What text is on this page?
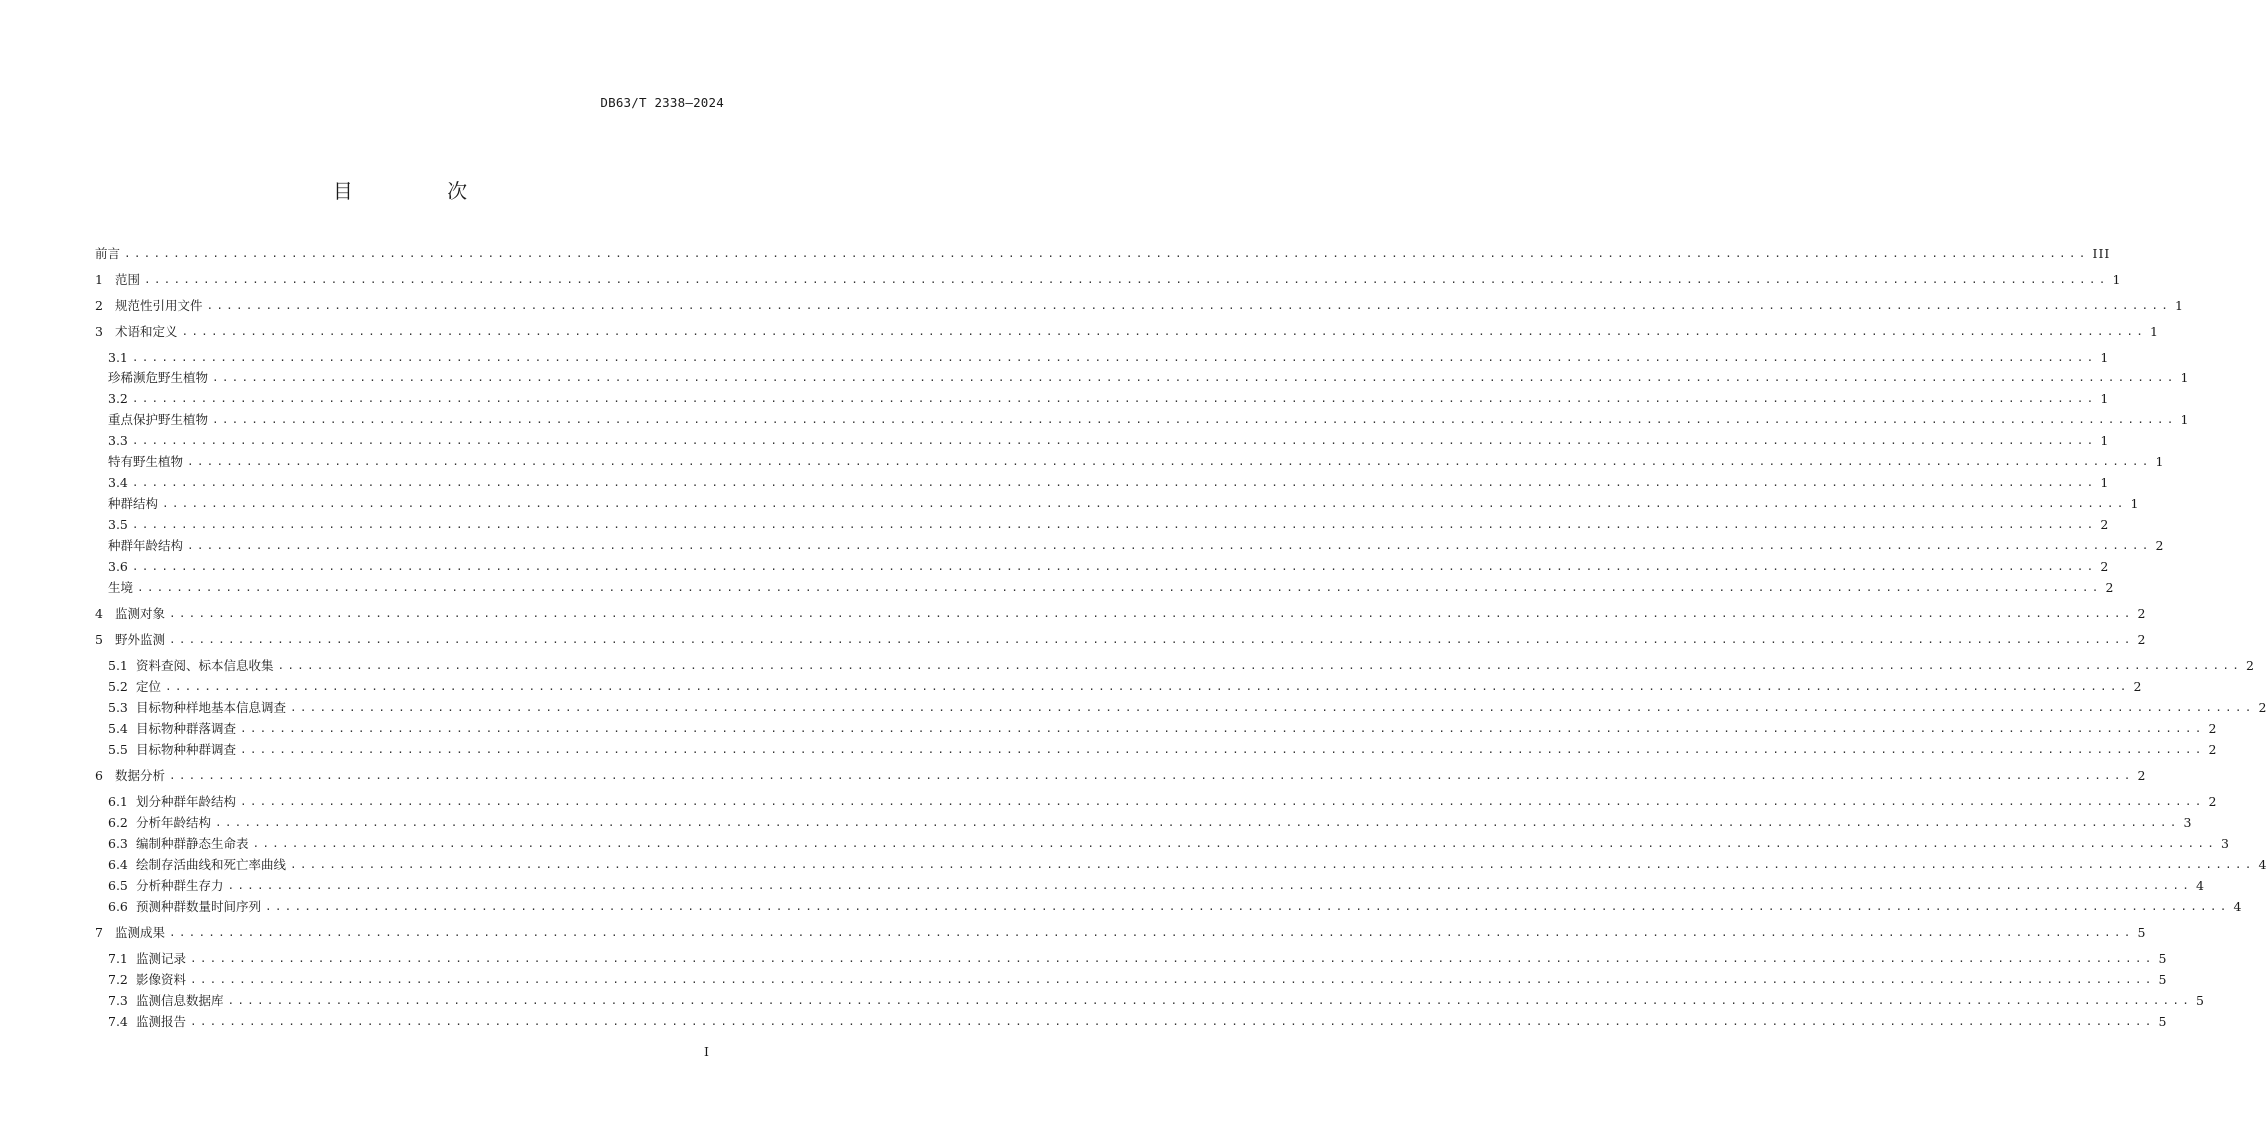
DB63/T 2338—2024
目 次
前言 ........................................................................................................................................................................................................ III
1 范围 ........................................................................................................................................................................................................ 1
2 规范性引用文件 ........................................................................................................................................................................................................ 1
3 术语和定义 ........................................................................................................................................................................................................ 1
3.1 ........................................................................................................................................................................................................ 1
珍稀濒危野生植物 ........................................................................................................................................................................................................ 1
3.2 ........................................................................................................................................................................................................ 1
重点保护野生植物 ........................................................................................................................................................................................................ 1
3.3 ........................................................................................................................................................................................................ 1
特有野生植物 ........................................................................................................................................................................................................ 1
3.4 ........................................................................................................................................................................................................ 1
种群结构 ........................................................................................................................................................................................................ 1
3.5 ........................................................................................................................................................................................................ 2
种群年龄结构 ........................................................................................................................................................................................................ 2
3.6 ........................................................................................................................................................................................................ 2
生境 ........................................................................................................................................................................................................ 2
4 监测对象 ........................................................................................................................................................................................................ 2
5 野外监测 ........................................................................................................................................................................................................ 2
5.1 资料查阅、标本信息收集 ........................................................................................................................................................................................................ 2
5.2 定位 ........................................................................................................................................................................................................ 2
5.3 目标物种样地基本信息调查 ........................................................................................................................................................................................................ 2
5.4 目标物种群落调查 ........................................................................................................................................................................................................ 2
5.5 目标物种种群调查 ........................................................................................................................................................................................................ 2
6 数据分析 ........................................................................................................................................................................................................ 2
6.1 划分种群年龄结构 ........................................................................................................................................................................................................ 2
6.2 分析年龄结构 ........................................................................................................................................................................................................ 3
6.3 编制种群静态生命表 ........................................................................................................................................................................................................ 3
6.4 绘制存活曲线和死亡率曲线 ........................................................................................................................................................................................................ 4
6.5 分析种群生存力 ........................................................................................................................................................................................................ 4
6.6 预测种群数量时间序列 ........................................................................................................................................................................................................ 4
7 监测成果 ........................................................................................................................................................................................................ 5
7.1 监测记录 ........................................................................................................................................................................................................ 5
7.2 影像资料 ........................................................................................................................................................................................................ 5
7.3 监测信息数据库 ........................................................................................................................................................................................................ 5
7.4 监测报告 ........................................................................................................................................................................................................ 5
I
